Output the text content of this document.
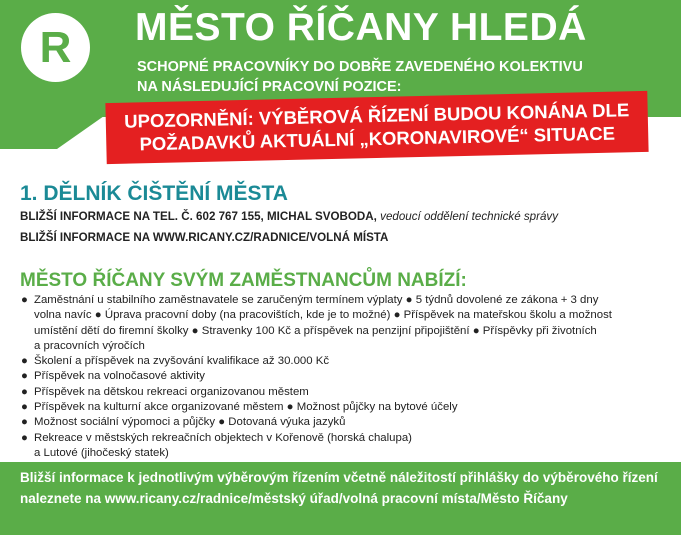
R	MĚSTO ŘÍČANY HLEDÁ
SCHOPNÉ PRACOVNÍKY DO DOBŘE ZAVEDENÉHO KOLEKTIVU
NA NÁSLEDUJÍCÍ PRACOVNÍ POZICE:
UPOZORNĚNÍ: VÝBĚROVÁ ŘÍZENÍ BUDOU KONÁNA DLE
POŽADAVKŮ AKTUÁLNÍ „KORONAVIROVÉ“ SITUACE
1. DĚLNÍK ČIŠTĚNÍ MĚSTA
BLIŽŠÍ INFORMACE NA TEL. Č. 602 767 155, MICHAL SVOBODA, vedoucí oddělení technické správy
BLIŽŠÍ INFORMACE NA WWW.RICANY.CZ/RADNICE/VOLNÁ MÍSTA
MĚSTO ŘÍČANY SVÝM ZAMĚSTNANCŮM NABÍZÍ:
● Zaměstnání u stabilního zaměstnavatele se zaručeným termínem výplaty ● 5 týdnů dovolené ze zákona + 3 dny
volna navíc ● Úprava pracovní doby (na pracovištích, kde je to možné) ● Příspěvek na mateřskou školu a možnost
umístění dětí do firemní školky ● Stravenky 100 Kč a příspěvek na penzijní připojištění ● Příspěvky při životních
a pracovních výročích
● Školení a příspěvek na zvyšování kvalifikace až 30.000 Kč
● Příspěvek na volnočasové aktivity
● Příspěvek na dětskou rekreaci organizovanou městem
● Příspěvek na kulturní akce organizované městem ● Možnost půjčky na bytové účely
● Možnost sociální výpomoci a půjčky ● Dotovaná výuka jazyků
● Rekreace v městských rekreačních objektech v Kořenově (horská chalupa)
a Lutové (jihočeský statek)
Bližší informace k jednotlivým výběrovým řízením včetně náležitostí přihlášky do výběrového řízení naleznete na www.ricany.cz/radnice/městský úřad/volná pracovní místa/Město Říčany
